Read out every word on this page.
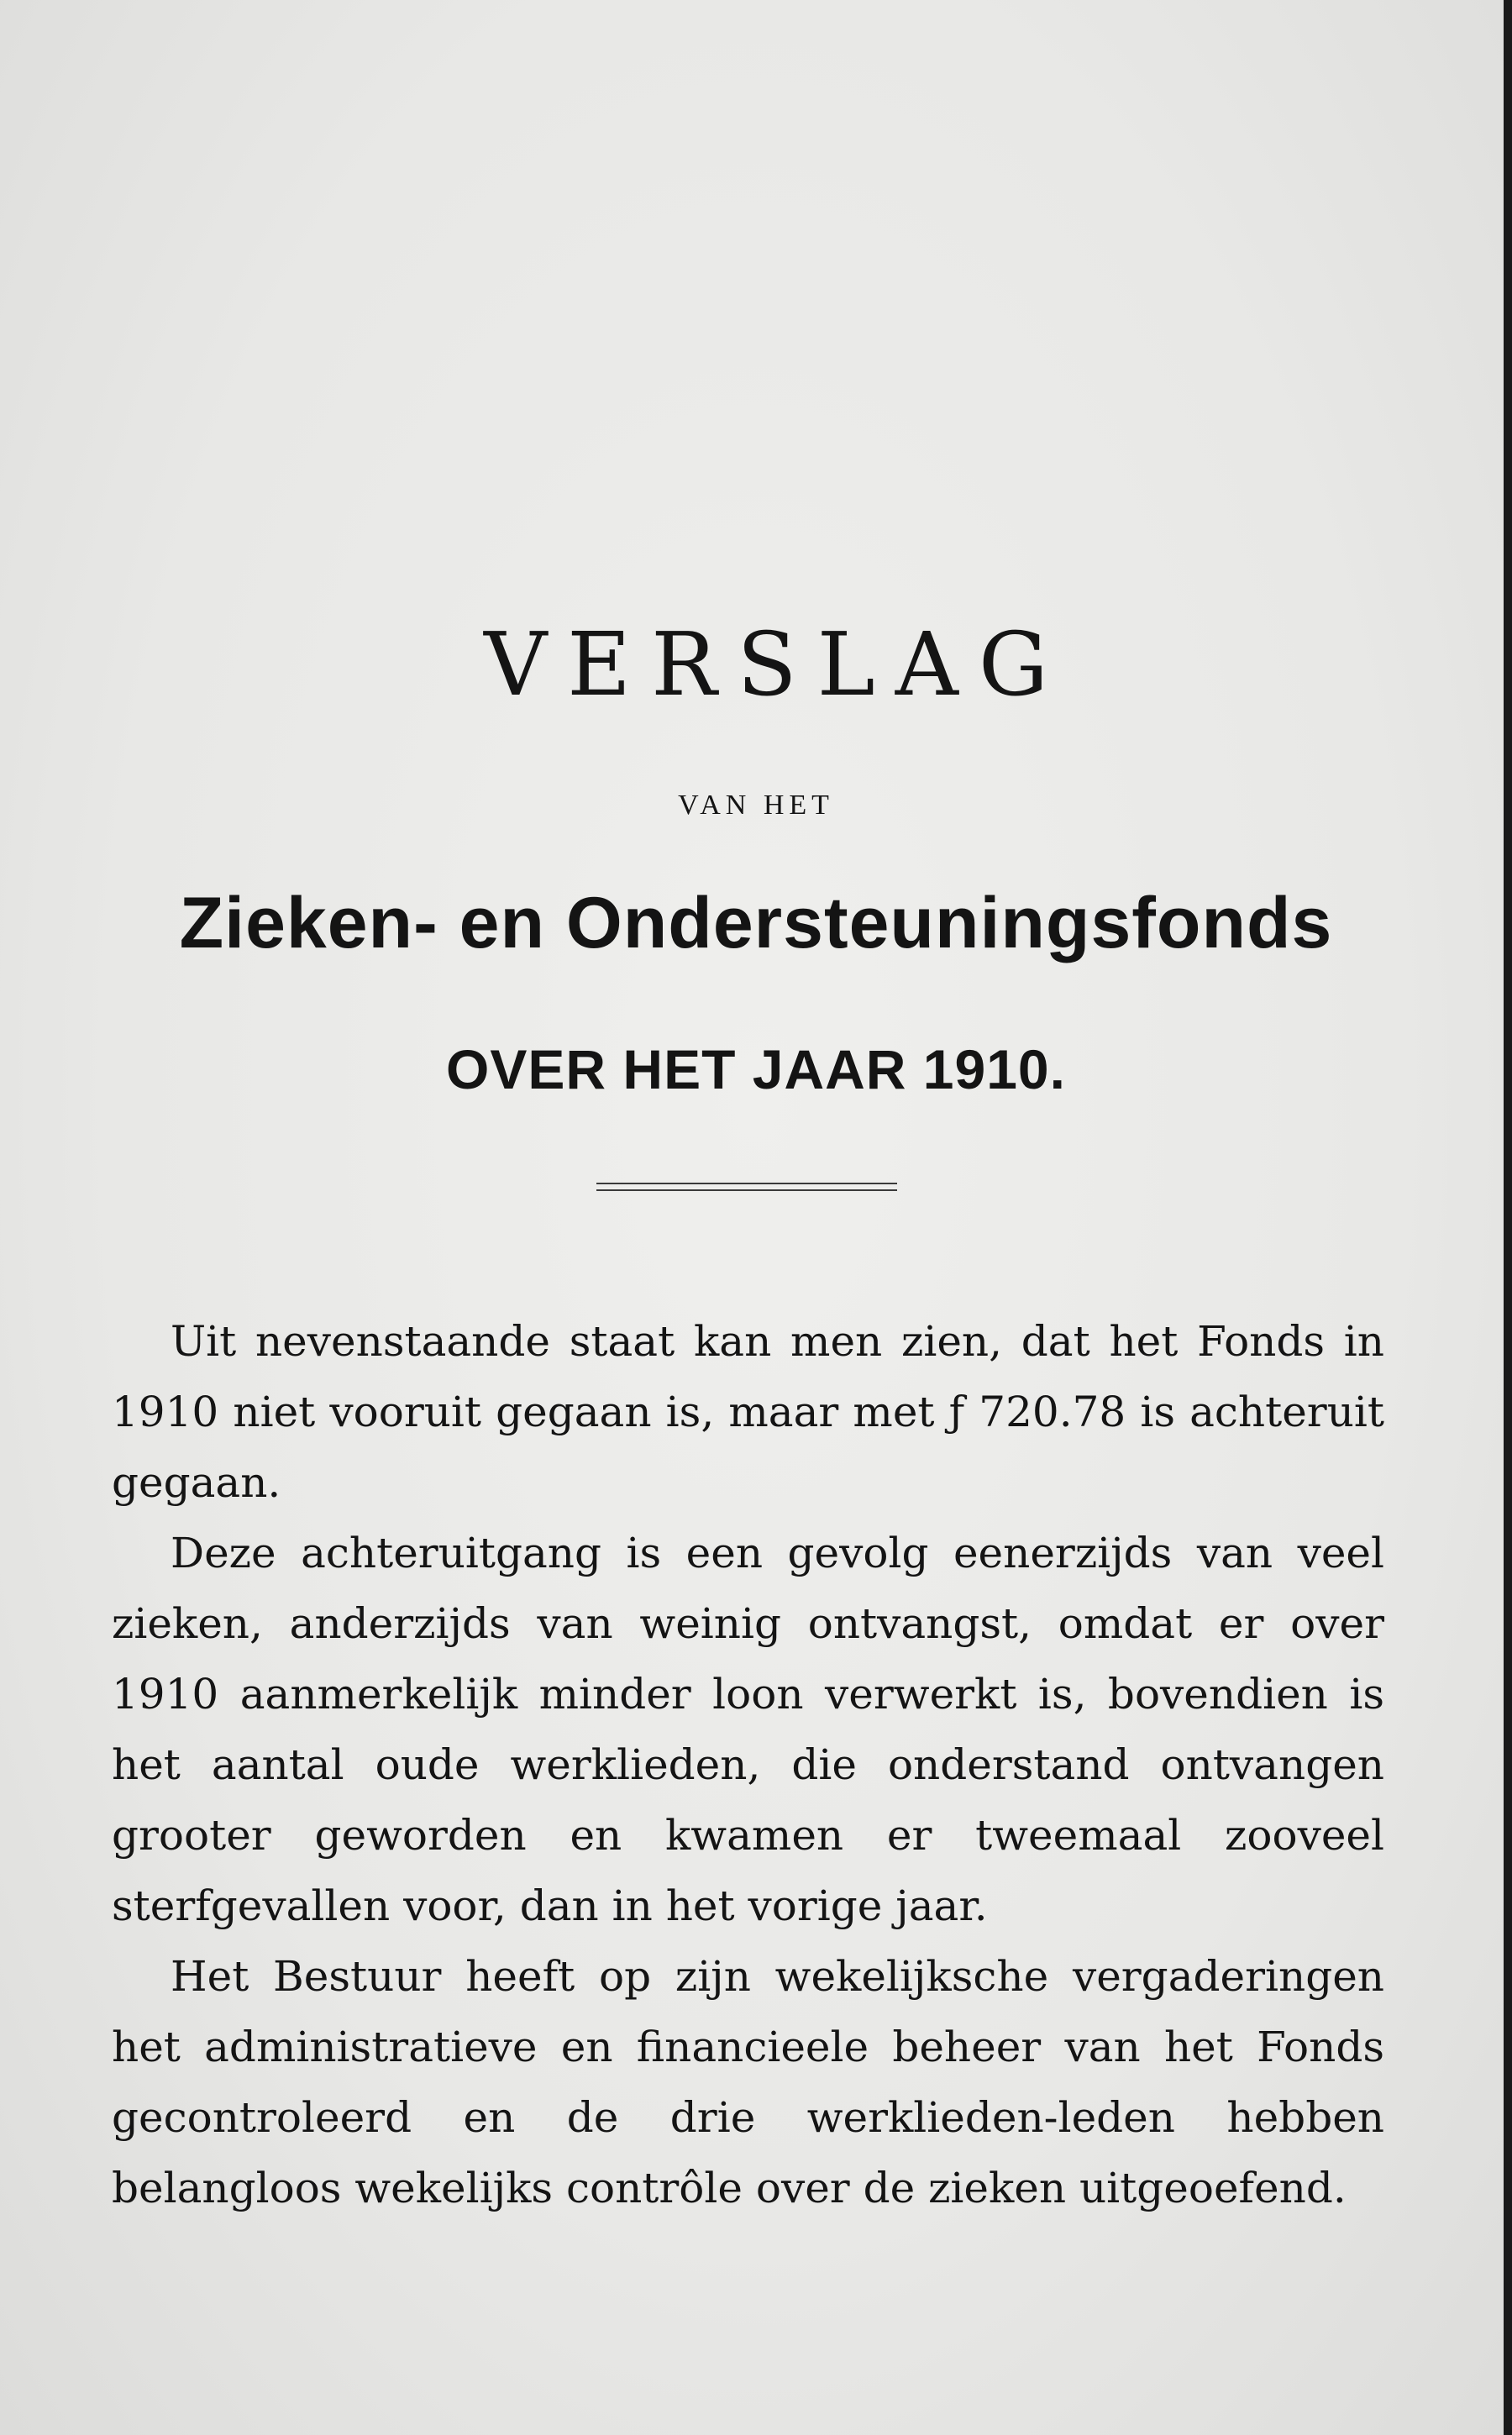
VERSLAG
VAN HET
Zieken- en Ondersteuningsfonds
OVER HET JAAR 1910.

Uit nevenstaande staat kan men zien, dat het Fonds in 1910 niet vooruit gegaan is, maar met ƒ 720.78 is achteruit gegaan.

Deze achteruitgang is een gevolg eenerzijds van veel zieken, anderzijds van weinig ontvangst, omdat er over 1910 aanmerkelijk minder loon verwerkt is, bovendien is het aantal oude werklieden, die onderstand ontvangen grooter geworden en kwamen er tweemaal zooveel sterfgevallen voor, dan in het vorige jaar.

Het Bestuur heeft op zijn wekelijksche vergaderingen het administratieve en financieele beheer van het Fonds gecontroleerd en de drie werklieden-leden hebben belangloos wekelijks contrôle over de zieken uitgeoefend.
